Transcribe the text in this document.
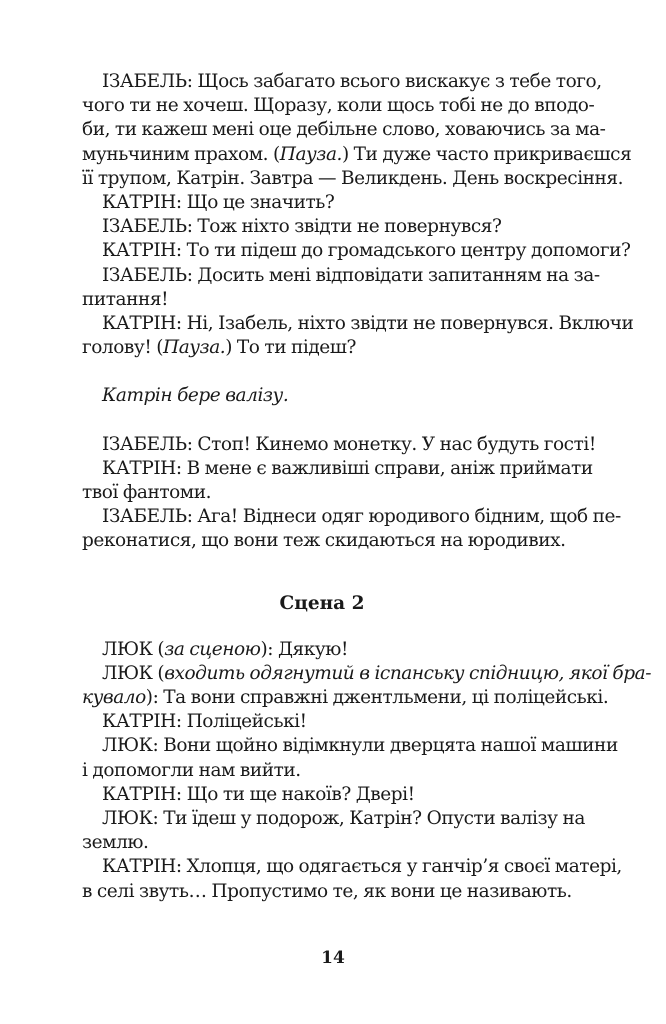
ІЗАБЕЛЬ: Щось забагато всього вискакує з тебе того,
чого ти не хочеш. Щоразу, коли щось тобі не до вподо-
би, ти кажеш мені оце дебільне слово, ховаючись за ма-
муньчиним прахом. (Пауза.) Ти дуже часто прикриваєшся
її трупом, Катрін. Завтра — Великдень. День воскресіння.
КАТРІН: Що це значить?
ІЗАБЕЛЬ: Тож ніхто звідти не повернувся?
КАТРІН: То ти підеш до громадського центру допомоги?
ІЗАБЕЛЬ: Досить мені відповідати запитанням на за-
питання!
КАТРІН: Ні, Ізабель, ніхто звідти не повернувся. Включи
голову! (Пауза.) То ти підеш?
Катрін бере валізу.
ІЗАБЕЛЬ: Стоп! Кинемо монетку. У нас будуть гості!
КАТРІН: В мене є важливіші справи, аніж приймати
твої фантоми.
ІЗАБЕЛЬ: Ага! Віднеси одяг юродивого бідним, щоб пе-
реконатися, що вони теж скидаються на юродивих.
Сцена 2
ЛЮК (за сценою): Дякую!
ЛЮК (входить одягнутий в іспанську спідницю, якої бра-
кувало): Та вони справжні джентльмени, ці поліцейські.
КАТРІН: Поліцейські!
ЛЮК: Вони щойно відімкнули дверцята нашої машини
і допомогли нам вийти.
КАТРІН: Що ти ще накоїв? Двері!
ЛЮК: Ти їдеш у подорож, Катрін? Опусти валізу на
землю.
КАТРІН: Хлопця, що одягається у ганчір’я своєї матері,
в селі звуть… Пропустимо те, як вони це називають.
14
